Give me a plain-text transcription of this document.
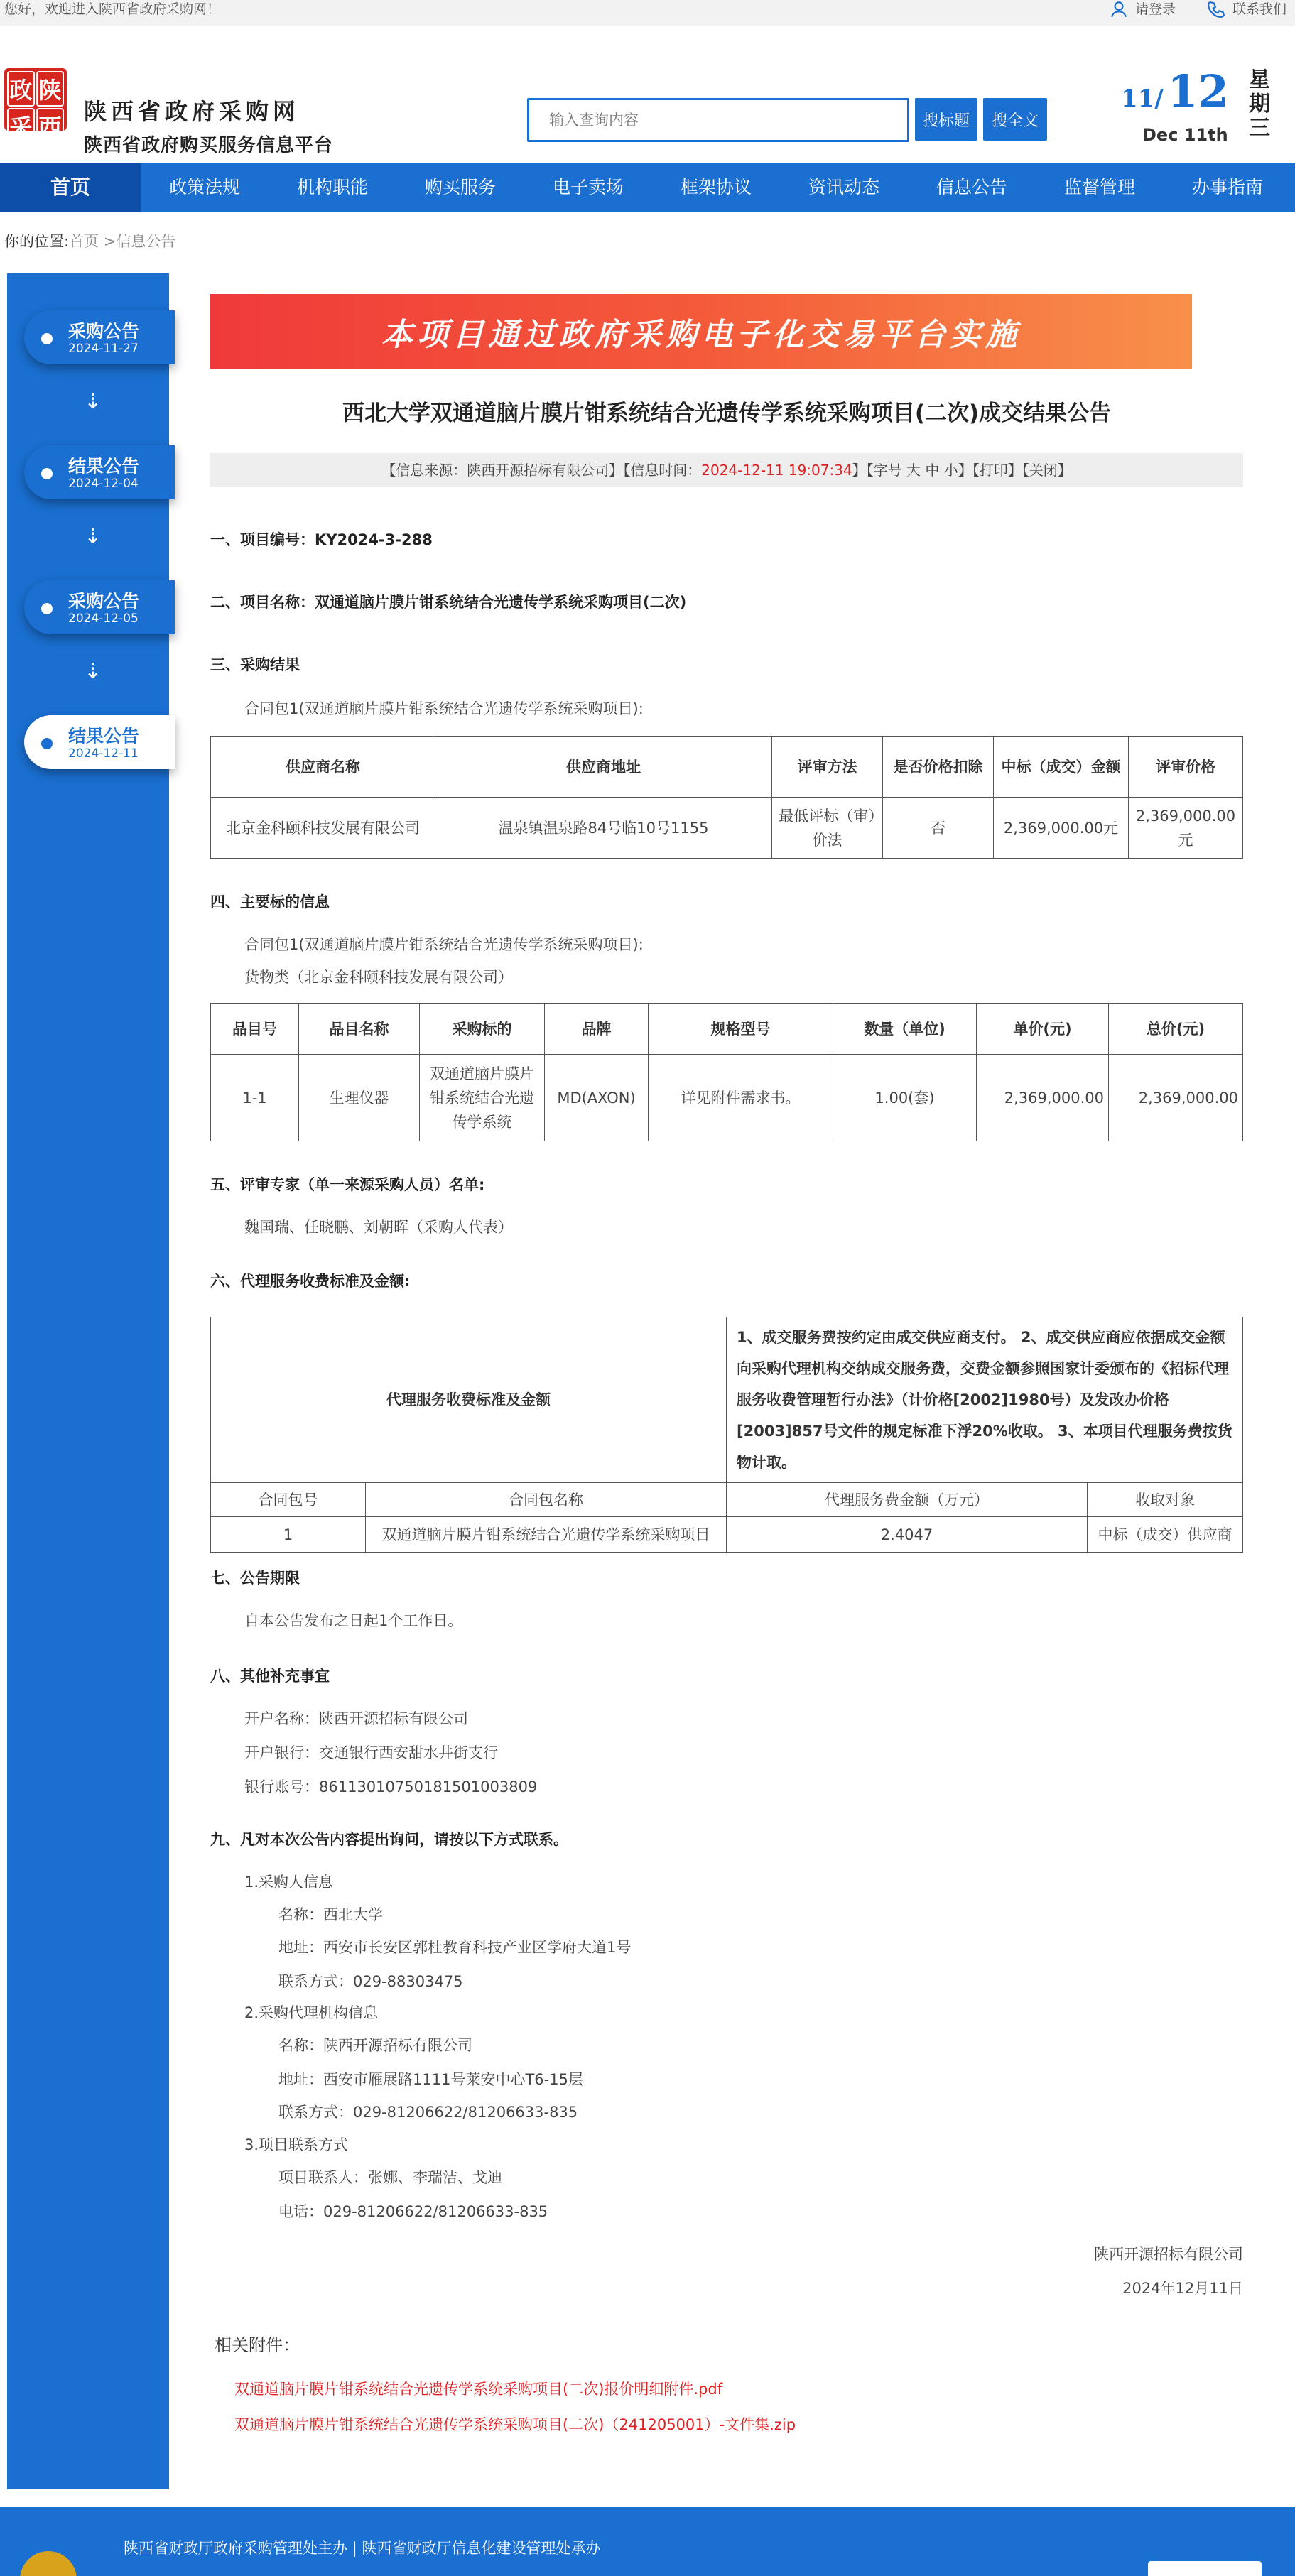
您好，欢迎进入陕西省政府采购网！	请登录	联系我们
政 陕
采 西
陕西省政府采购网
陕西省政府购买服务信息平台
输入查询内容
搜标题	搜全文
11/ 12
Dec 11th
星期三
首页	政策法规	机构职能	购买服务	电子卖场	框架协议	资讯动态	信息公告	监督管理	办事指南
你的位置:首页 >信息公告
采购公告
2024-11-27
⇣
结果公告
2024-12-04
⇣
采购公告
2024-12-05
⇣
结果公告
2024-12-11
本项目通过政府采购电子化交易平台实施
西北大学双通道脑片膜片钳系统结合光遗传学系统采购项目(二次)成交结果公告
【信息来源：陕西开源招标有限公司】【信息时间：2024-12-11 19:07:34】【字号 大 中 小】【打印】【关闭】
一、项目编号：KY2024-3-288
二、项目名称：双通道脑片膜片钳系统结合光遗传学系统采购项目(二次)
三、采购结果
合同包1(双通道脑片膜片钳系统结合光遗传学系统采购项目):
供应商名称	供应商地址	评审方法	是否价格扣除	中标（成交）金额	评审价格
北京金科颐科技发展有限公司	温泉镇温泉路84号临10号1155	最低评标（审）价法	否	2,369,000.00元	2,369,000.00元
四、主要标的信息
合同包1(双通道脑片膜片钳系统结合光遗传学系统采购项目):
货物类（北京金科颐科技发展有限公司）
品目号	品目名称	采购标的	品牌	规格型号	数量（单位)	单价(元)	总价(元)
1-1	生理仪器	双通道脑片膜片钳系统结合光遗传学系统	MD(AXON)	详见附件需求书。	1.00(套)	2,369,000.00	2,369,000.00
五、评审专家（单一来源采购人员）名单:
魏国瑞、任晓鹏、刘朝晖（采购人代表）
六、代理服务收费标准及金额:
代理服务收费标准及金额		1、成交服务费按约定由成交供应商支付。 2、成交供应商应依据成交金额向采购代理机构交纳成交服务费，交费金额参照国家计委颁布的《招标代理服务收费管理暂行办法》（计价格[2002]1980号）及发改办价格[2003]857号文件的规定标准下浮20%收取。 3、本项目代理服务费按货物计取。	
合同包号	合同包名称	代理服务费金额（万元）	收取对象
1	双通道脑片膜片钳系统结合光遗传学系统采购项目	2.4047	中标（成交）供应商
七、公告期限
自本公告发布之日起1个工作日。
八、其他补充事宜
开户名称：陕西开源招标有限公司
开户银行：交通银行西安甜水井街支行
银行账号：861130107501815010038​09
九、凡对本次公告内容提出询问，请按以下方式联系。
1.采购人信息
名称：西北大学
地址：西安市长安区郭杜教育科技产业区学府大道1号
联系方式：029-88303475
2.采购代理机构信息
名称：陕西开源招标有限公司
地址：西安市雁展路1111号莱安中心T6-15层
联系方式：029-81206622/81206633-835
3.项目联系方式
项目联系人：张娜、李瑞洁、戈迪
电话：029-81206622/81206633-835
陕西开源招标有限公司
2024年12月11日
相关附件：
双通道脑片膜片钳系统结合光遗传学系统采购项目(二次)报价明细附件.pdf
双通道脑片膜片钳系统结合光遗传学系统采购项目(二次)（241205001）-文件集.zip
陕西省财政厅政府采购管理处主办 | 陕西省财政厅信息化建设管理处承办
